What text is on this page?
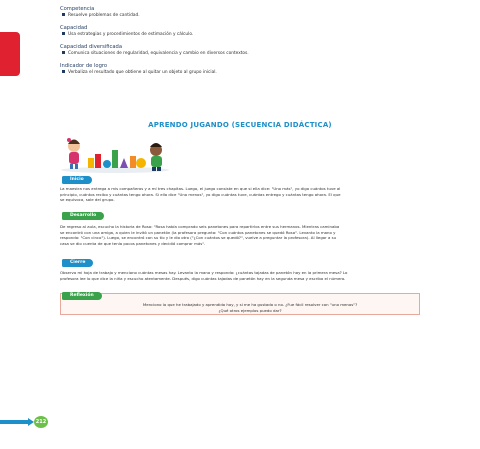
Competencia
Resuelve problemas de cantidad.
Capacidad
Usa estrategias y procedimientos de estimación y cálculo.
Capacidad diversificada
Comunica situaciones de regularidad, equivalencia y cambio en diversos contextos.
Indicador de logro
Verbaliza el resultado que obtiene al quitar un objeto al grupo inicial.
APRENDO JUGANDO (SECUENCIA DIDÁCTICA)
Inicio
La maestra nos entrega a mis compañeros y a mí tres chapitas. Luego, el juego consiste en que si ella dice: "Uno más", yo digo cuántos tuve al
principio, cuántos recibo y cuántas tengo ahora. Si ella dice "Uno menos", yo digo cuántas tuve, cuántas entrego y cuántas tengo ahora. El que
se equivoca, sale del grupo.
Desarrollo
De regreso al aula, escucho la historia de Rosa: "Rosa había comprado seis panetones para repartirlos entre sus hermanos. Mientras caminaba
se encontró con una amiga, a quien le invitó un panetón (la profesora pregunta: "Con cuántos panetones se quedó Rosa". Levanto la mano y
respondo: "Con cinco"). Luego, se encontró con su tío y le dio otro ("¿Con cuántos se quedó?", vuelve a preguntar la profesora). Al llegar a su
casa se dio cuenta de que tenía pocos panetones y decidió comprar más".
Cierre
Observo mi hoja de trabajo y menciono cuántas mesas hay. Levanto la mano y respondo: ¿cuántas tajadas de panetón hay en la primera mesa? Lo
profesora lee lo que dice la niña y escucho atentamente. Después, digo cuántas tajadas de panetón hay en la segunda mesa y escribo el número.
Reflexión
Menciono lo que he trabajado y aprendido hoy, y si me ha gustado o no. ¿Fue fácil resolver con "uno menos"?
¿Qué otros ejemplos puedo dar?
212
